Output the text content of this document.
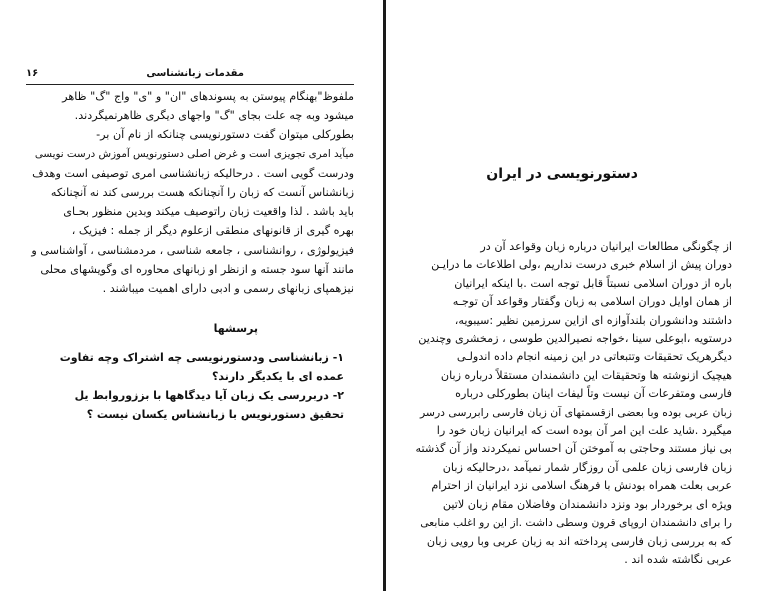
۱۶	مقدمات زبانشناسی

ملفوظ"بهنگام پیوستن به پسوندهای "ان" و "ی" واج "گ" ظاهر

میشود وبه چه علت بجای "گ" واجهای دیگری ظاهرنمیگردند.

بطورکلی میتوان گفت دستورنویسی چنانکه از نام آن بر-

میآید امری تجویزی است و غرض اصلی دستورنویس آموزش درست نویسی

ودرست گویی است . درحالیکه زبانشناسی امری توصیفی است وهدف

زبانشناس آنست که زبان را آنچنانکه هست بررسی کند نه آنچنانکه

باید باشد . لذا واقعیت زبان راتوصیف میکند وبدین منظور بحـای

بهره گیری از قانونهای منطقی ازعلوم دیگر از جمله : فیزیک ،

فیزیولوژی ، روانشناسی ، جامعه شناسی ، مردمشناسی ، آواشناسی و

مانند آنها سود جسته و ازنظر او زبانهای محاوره ای وگویشهای محلی

نیزهمپای زبانهای رسمی و ادبی دارای اهمیت میباشند .

پرسشها

۱- زبانشناسی ودستورنویسی چه اشتراک وچه تفاوت

عمده ای با یکدیگر دارند؟

۲- دربررسی یک زبان آیا دیدگاهها با بززوروابط یل

تحقیق دستورنویس با زبانشناس یکسان نیست ؟

دستورنویسی در ایران

از چگونگی مطالعات ایرانیان درباره زبان وقواعد آن در

دوران پیش از اسلام خبری درست نداریم ،ولی اطلاعات ما درایـن

باره از دوران اسلامی نسبتاً قابل توجه است .با اینکه ایرانیان

از همان اوایل دوران اسلامی به زبان وگفتار وقواعد آن توجـه

داشتند ودانشوران بلندآوازه ای ازاین سرزمین نظیر :سیبویه،

درستویه ،ابوعلی سینا ،خواجه نصیرالدین طوسی ، زمخشری وچندین

دیگرهریک تحقیقات وتتبعاتی در این زمینه انجام داده اندولـی

هیچیک ازنوشته ها وتحقیقات این دانشمندان مستقلاً درباره زبان

فارسی ومتفرعات آن نیست وتاً لیفات اینان بطورکلی درباره

زبان عربی بوده وبا بعضی ازقسمتهای آن زبان فارسی رابررسی درسر

میگیرد .شاید علت این امر آن بوده است که ایرانیان زبان خود را

بی نیاز مستند وحاجتی به آموختن آن احساس نمیکردند واز آن گذشته

زبان فارسی زبان علمی آن روزگار شمار نمیآمد ،درحالیکه زبان

عربی بعلت همراه بودنش با فرهنگ اسلامی نزد ایرانیان از احترام

ویژه ای برخوردار بود ونزد دانشمندان وفاضلان مقام زبان لاتین

را برای دانشمندان اروپای قرون وسطی داشت .از این رو اغلب منابعی

که به بررسی زبان فارسی پرداخته اند به زبان عربی وبا رویی زبان

عربی نگاشته شده اند .
